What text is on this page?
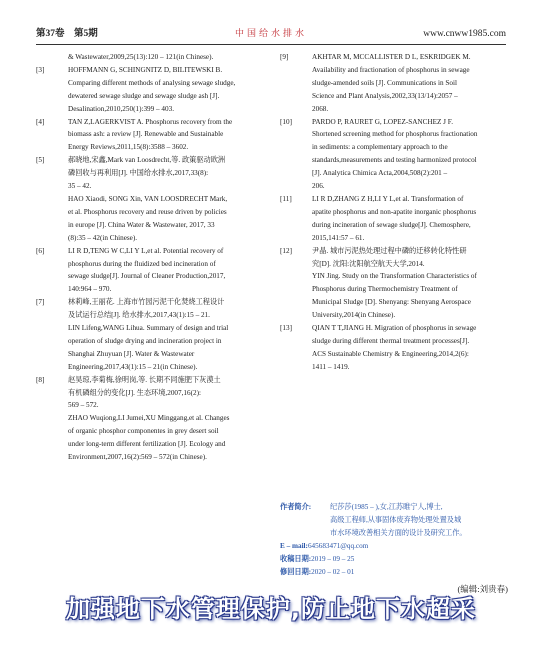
第37卷　第5期	中国给水排水	www.cnww1985.com
& Wastewater,2009,25(13):120 – 121(in Chinese).
[3]	HOFFMANN G, SCHINGNITZ D, BILITEWSKI B.
Comparing different methods of analysing sewage sludge,
dewatered sewage sludge and sewage sludge ash [J].
Desalination,2010,250(1):399 – 403.
[4]	TAN Z,LAGERKVIST A. Phosphorus recovery from the
biomass ash: a review [J]. Renewable and Sustainable
Energy Reviews,2011,15(8):3588 – 3602.
[5]	郝晓地,宋鑫,Mark van Loosdrecht,等. 政策驱动欧洲
磷回收与再利用[J]. 中国给水排水,2017,33(8):
35 – 42.
HAO Xiaodi, SONG Xin, VAN LOOSDRECHT Mark,
et al. Phosphorus recovery and reuse driven by policies
in europe [J]. China Water & Wastewater, 2017, 33
(8):35 – 42(in Chinese).
[6]	LI R D,TENG W C,LI Y L,et al. Potential recovery of
phosphorus during the fluidized bed incineration of
sewage sludge[J]. Journal of Cleaner Production,2017,
140:964 – 970.
[7]	林莉峰,王丽花. 上海市竹园污泥干化焚烧工程设计
及试运行总结[J]. 给水排水,2017,43(1):15 – 21.
LIN Lifeng,WANG Lihua. Summary of design and trial
operation of sludge drying and incineration project in
Shanghai Zhuyuan [J]. Water & Wastewater
Engineering,2017,43(1):15 – 21(in Chinese).
[8]	赵昊琼,李菊梅,徐明岗,等. 长期不同施肥下灰漠土
有机磷组分的变化[J]. 生态环境,2007,16(2):
569 – 572.
ZHAO Wuqiong,LI Jumei,XU Minggang,et al. Changes
of organic phosphor componentes in grey desert soil
under long-term different fertilization [J]. Ecology and
Environment,2007,16(2):569 – 572(in Chinese).
[9]	AKHTAR M, MCCALLISTER D L, ESKRIDGEK M.
Availability and fractionation of phosphorus in sewage
sludge-amended soils [J]. Communications in Soil
Science and Plant Analysis,2002,33(13/14):2057 –
2068.
[10]	PARDO P, RAURET G, LOPEZ-SANCHEZ J F.
Shortened screening method for phosphorus fractionation
in sediments: a complementary approach to the
standards,measurements and testing harmonized protocol
[J]. Analytica Chimica Acta,2004,508(2):201 –
206.
[11]	LI R D,ZHANG Z H,LI Y L,et al. Transformation of
apatite phosphorus and non-apatite inorganic phosphorus
during incineration of sewage sludge[J]. Chemosphere,
2015,141:57 – 61.
[12]	尹晶. 城市污泥热处理过程中磷的迁移转化特性研
究[D]. 沈阳:沈阳航空航天大学,2014.
YIN Jing. Study on the Transformation Characteristics of
Phosphorus during Thermochemistry Treatment of
Municipal Sludge [D]. Shenyang: Shenyang Aerospace
University,2014(in Chinese).
[13]	QIAN T T,JIANG H. Migration of phosphorus in sewage
sludge during different thermal treatment processes[J].
ACS Sustainable Chemistry & Engineering,2014,2(6):
1411 – 1419.
作者简介:	纪莎莎(1985 – ),女,江苏睢宁人,博士,
高级工程师,从事固体废弃物处理处置及城
市水环境改善相关方面的设计及研究工作。
E – mail:645683471@qq.com
收稿日期:2019 – 09 – 25
修回日期:2020 – 02 – 01
(编辑:刘贵春)
加强地下水管理保护,防止地下水超采
